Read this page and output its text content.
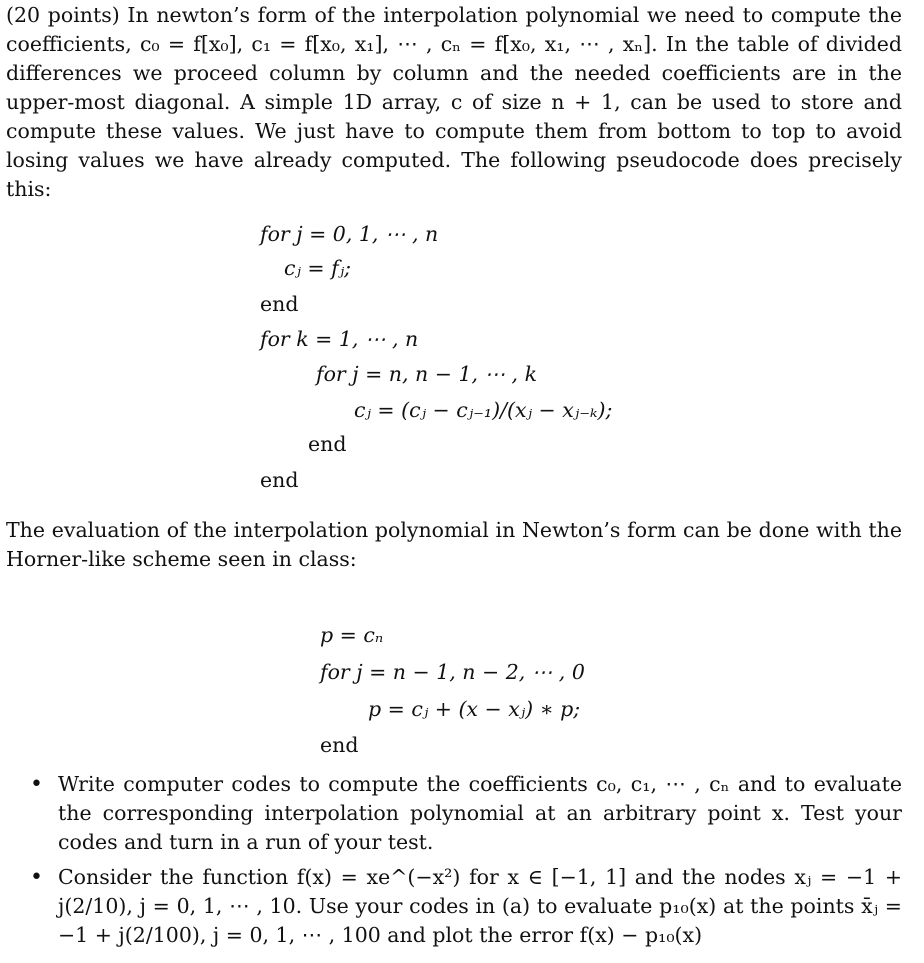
(20 points) In newton’s form of the interpolation polynomial we need to compute the coefficients, c₀ = f[x₀], c₁ = f[x₀, x₁], ⋯ , cₙ = f[x₀, x₁, ⋯ , xₙ]. In the table of divided differences we proceed column by column and the needed coefficients are in the upper-most diagonal. A simple 1D array, c of size n + 1, can be used to store and compute these values. We just have to compute them from bottom to top to avoid losing values we have already computed. The following pseudocode does precisely this:

for j = 0, 1, ⋯ , n
cⱼ = fⱼ;
end
for k = 1, ⋯ , n
for j = n, n − 1, ⋯ , k
cⱼ = (cⱼ − cⱼ₋₁)/(xⱼ − xⱼ₋ₖ);
end
end

The evaluation of the interpolation polynomial in Newton’s form can be done with the Horner-like scheme seen in class:

p = cₙ
for j = n − 1, n − 2, ⋯ , 0
p = cⱼ + (x − xⱼ) ∗ p;
end
• Write computer codes to compute the coefficients c₀, c₁, ⋯ , cₙ and to evaluate the corresponding interpolation polynomial at an arbitrary point x. Test your codes and turn in a run of your test.
• Consider the function f(x) = xe^(−x²) for x ∈ [−1, 1] and the nodes xⱼ = −1 + j(2/10), j = 0, 1, ⋯ , 10. Use your codes in (a) to evaluate p₁₀(x) at the points x̄ⱼ = −1 + j(2/100), j = 0, 1, ⋯ , 100 and plot the error f(x) − p₁₀(x)
